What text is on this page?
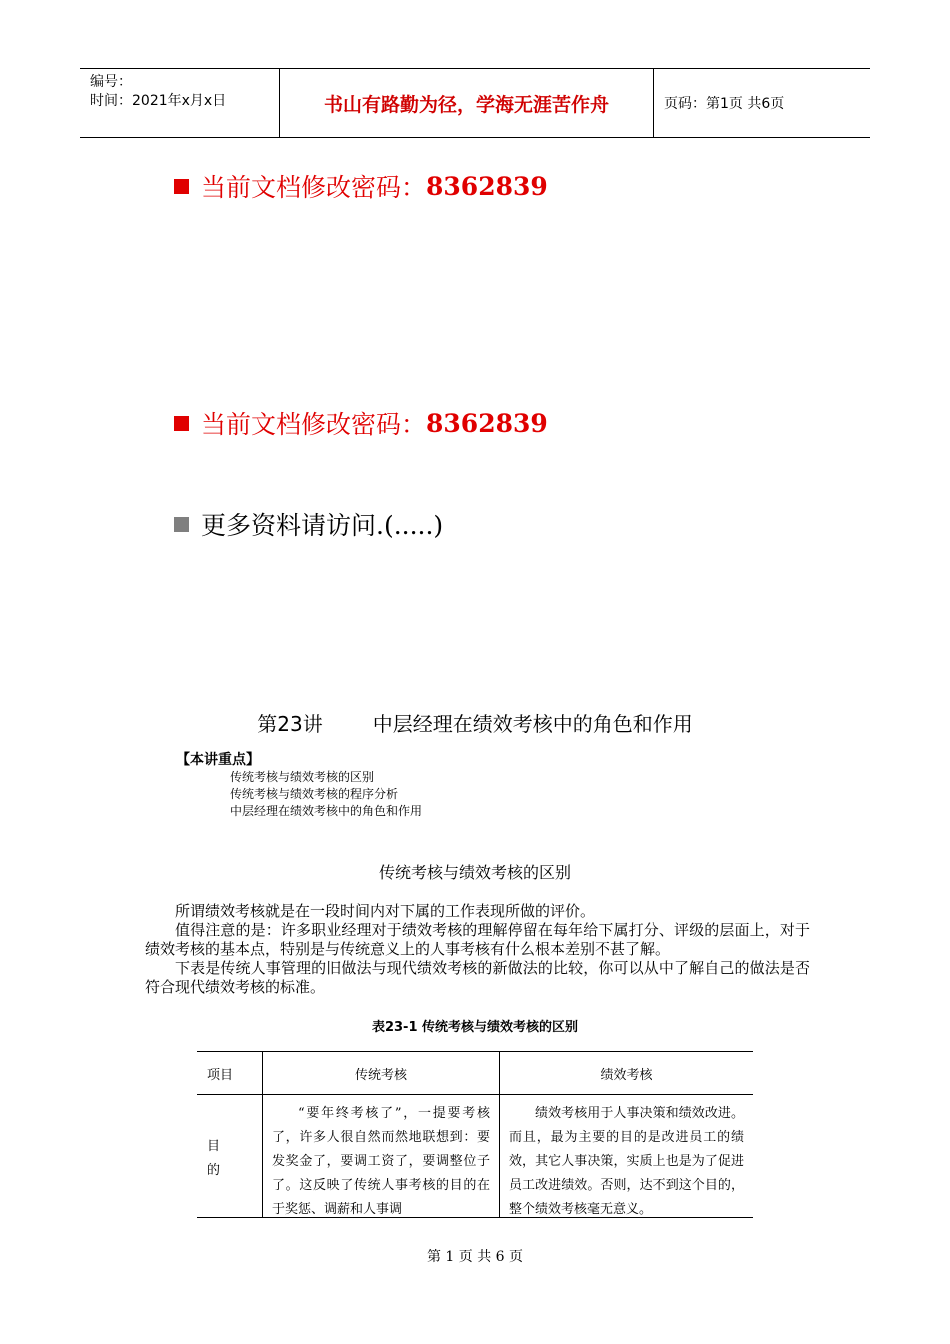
编号：
时间：2021年x月x日	书山有路勤为径，学海无涯苦作舟	页码：第1页 共6页
当前文档修改密码： 8362839
当前文档修改密码： 8362839
更多资料请访问.(.....)
第23讲	中层经理在绩效考核中的角色和作用
【本讲重点】
传统考核与绩效考核的区别
传统考核与绩效考核的程序分析
中层经理在绩效考核中的角色和作用
传统考核与绩效考核的区别

所谓绩效考核就是在一段时间内对下属的工作表现所做的评价。

值得注意的是：许多职业经理对于绩效考核的理解停留在每年给下属打分、评级的层面上，对于绩效考核的基本点，特别是与传统意义上的人事考核有什么根本差别不甚了解。

下表是传统人事管理的旧做法与现代绩效考核的新做法的比较，你可以从中了解自己的做法是否符合现代绩效考核的标准。

表23-1 传统考核与绩效考核的区别
项目	传统考核	绩效考核
目的	“要年终考核了”，一提要考核了，许多人很自然而然地联想到：要发奖金了，要调工资了，要调整位子了。这反映了传统人事考核的目的在于奖惩、调薪和人事调	绩效考核用于人事决策和绩效改进。而且，最为主要的目的是改进员工的绩效，其它人事决策，实质上也是为了促进员工改进绩效。否则，达不到这个目的，整个绩效考核毫无意义。
第 1 页 共 6 页
